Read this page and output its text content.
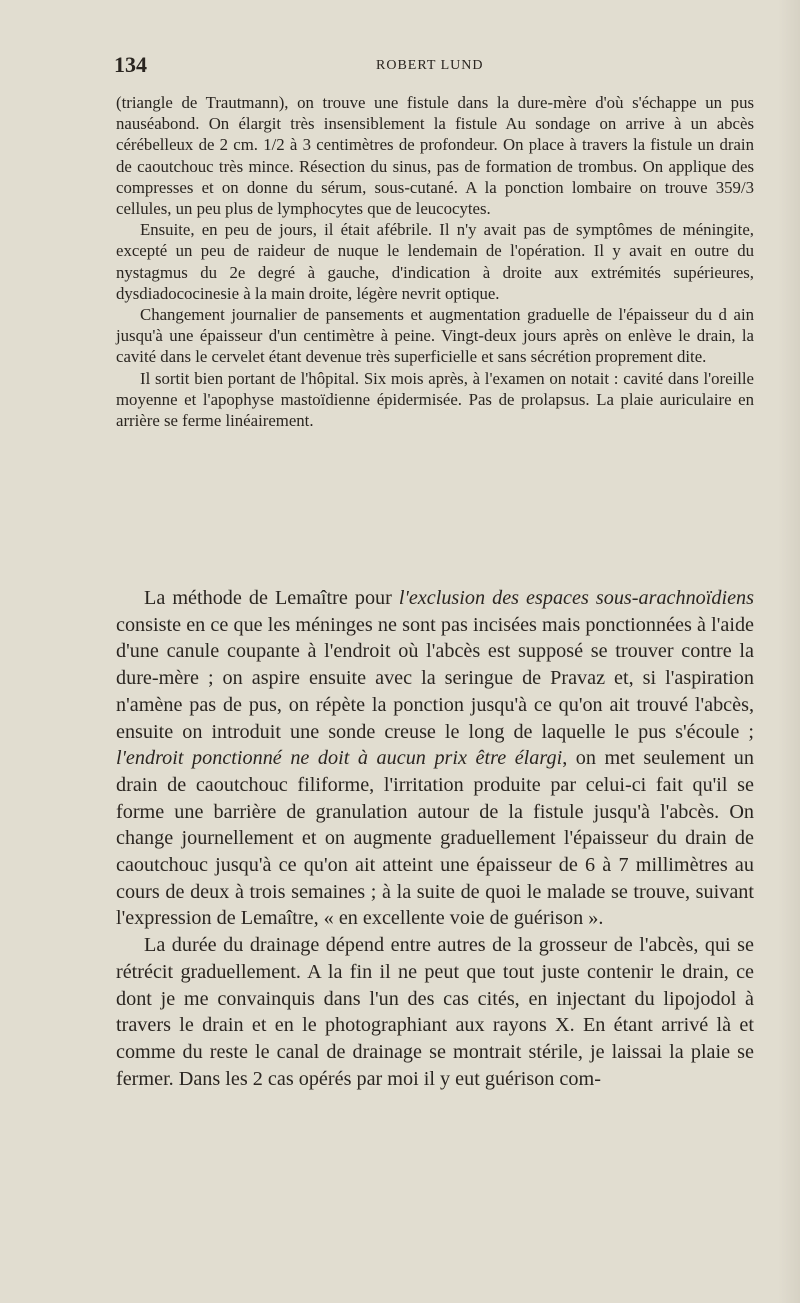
134	ROBERT LUND

(triangle de Trautmann), on trouve une fistule dans la dure-mère d'où s'échappe un pus nauséabond. On élargit très insensiblement la fistule Au sondage on arrive à un abcès cérébelleux de 2 cm. 1/2 à 3 centimètres de profondeur. On place à travers la fistule un drain de caoutchouc très mince. Résection du sinus, pas de formation de trombus. On applique des compresses et on donne du sérum, sous-cutané. A la ponction lombaire on trouve 359/3 cellules, un peu plus de lymphocytes que de leucocytes.

Ensuite, en peu de jours, il était afébrile. Il n'y avait pas de symptômes de méningite, excepté un peu de raideur de nuque le lendemain de l'opération. Il y avait en outre du nystagmus du 2e degré à gauche, d'indication à droite aux extrémités supérieures, dysdiadococinesie à la main droite, légère nevrit optique.

Changement journalier de pansements et augmentation graduelle de l'épaisseur du d ain jusqu'à une épaisseur d'un centimètre à peine. Vingt-deux jours après on enlève le drain, la cavité dans le cervelet étant devenue très superficielle et sans sécrétion proprement dite.

Il sortit bien portant de l'hôpital. Six mois après, à l'examen on notait : cavité dans l'oreille moyenne et l'apophyse mastoïdienne épidermisée. Pas de prolapsus. La plaie auriculaire en arrière se ferme linéairement.

La méthode de Lemaître pour l'exclusion des espaces sous-arachnoïdiens consiste en ce que les méninges ne sont pas incisées mais ponctionnées à l'aide d'une canule coupante à l'endroit où l'abcès est supposé se trouver contre la dure-mère ; on aspire ensuite avec la seringue de Pravaz et, si l'aspiration n'amène pas de pus, on répète la ponction jusqu'à ce qu'on ait trouvé l'abcès, ensuite on introduit une sonde creuse le long de laquelle le pus s'écoule ; l'endroit ponctionné ne doit à aucun prix être élargi, on met seulement un drain de caoutchouc filiforme, l'irritation produite par celui-ci fait qu'il se forme une barrière de granulation autour de la fistule jusqu'à l'abcès. On change journellement et on augmente graduellement l'épaisseur du drain de caoutchouc jusqu'à ce qu'on ait atteint une épaisseur de 6 à 7 millimètres au cours de deux à trois semaines ; à la suite de quoi le malade se trouve, suivant l'expression de Lemaître, « en excellente voie de guérison ».

La durée du drainage dépend entre autres de la grosseur de l'abcès, qui se rétrécit graduellement. A la fin il ne peut que tout juste contenir le drain, ce dont je me convainquis dans l'un des cas cités, en injectant du lipojodol à travers le drain et en le photographiant aux rayons X. En étant arrivé là et comme du reste le canal de drainage se montrait stérile, je laissai la plaie se fermer. Dans les 2 cas opérés par moi il y eut guérison com-
